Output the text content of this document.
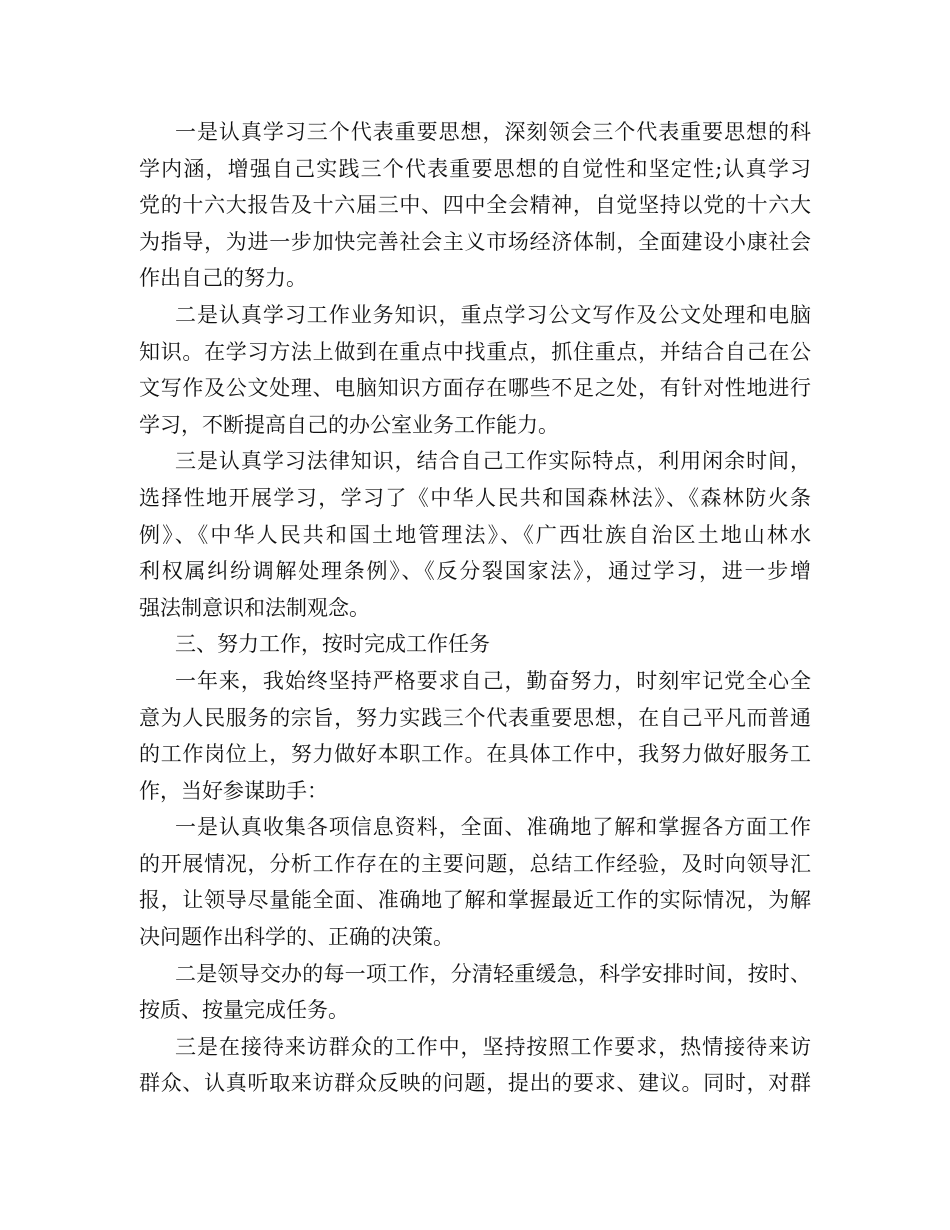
一是认真学习三个代表重要思想，深刻领会三个代表重要思想的科
学内涵，增强自己实践三个代表重要思想的自觉性和坚定性;认真学习
党的十六大报告及十六届三中、四中全会精神，自觉坚持以党的十六大
为指导，为进一步加快完善社会主义市场经济体制，全面建设小康社会
作出自己的努力。
二是认真学习工作业务知识，重点学习公文写作及公文处理和电脑
知识。在学习方法上做到在重点中找重点，抓住重点，并结合自己在公
文写作及公文处理、电脑知识方面存在哪些不足之处，有针对性地进行
学习，不断提高自己的办公室业务工作能力。
三是认真学习法律知识，结合自己工作实际特点，利用闲余时间，
选择性地开展学习，学习了《中华人民共和国森林法》、《森林防火条
例》、《中华人民共和国土地管理法》、《广西壮族自治区土地山林水
利权属纠纷调解处理条例》、《反分裂国家法》，通过学习，进一步增
强法制意识和法制观念。
三、努力工作，按时完成工作任务
一年来，我始终坚持严格要求自己，勤奋努力，时刻牢记党全心全
意为人民服务的宗旨，努力实践三个代表重要思想，在自己平凡而普通
的工作岗位上，努力做好本职工作。在具体工作中，我努力做好服务工
作，当好参谋助手：
一是认真收集各项信息资料，全面、准确地了解和掌握各方面工作
的开展情况，分析工作存在的主要问题，总结工作经验，及时向领导汇
报，让领导尽量能全面、准确地了解和掌握最近工作的实际情况，为解
决问题作出科学的、正确的决策。
二是领导交办的每一项工作，分清轻重缓急，科学安排时间，按时、
按质、按量完成任务。
三是在接待来访群众的工作中，坚持按照工作要求，热情接待来访
群众、认真听取来访群众反映的问题，提出的要求、建议。同时，对群
